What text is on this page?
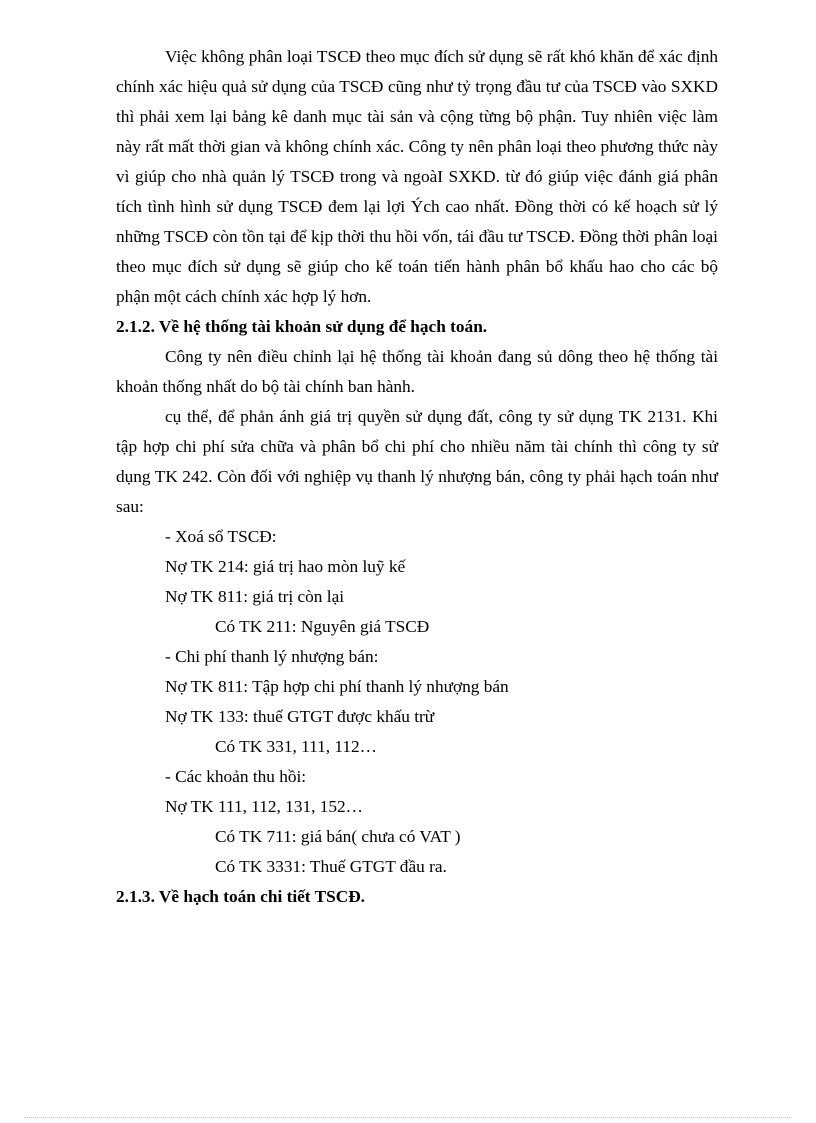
Việc không phân loại TSCĐ theo mục đích sử dụng sẽ rất khó khăn để xác định chính xác hiệu quả sử dụng của TSCĐ cũng như tỷ trọng đầu tư của TSCĐ vào SXKD thì phải xem lại bảng kê danh mục tài sản và cộng từng bộ phận. Tuy nhiên việc làm này rất mất thời gian và không chính xác. Công ty nên phân loại theo phương thức này vì giúp cho nhà quản lý TSCĐ trong và ngoàI SXKD. từ đó giúp việc đánh giá phân tích tình hình sử dụng TSCĐ đem lại lợi Ých cao nhất. Đồng thời có kế hoạch sử lý những TSCĐ còn tồn tại để kịp thời thu hồi vốn, tái đầu tư TSCĐ. Đồng thời phân loại theo mục đích sử dụng sẽ giúp cho kế toán tiến hành phân bổ khấu hao cho các bộ phận một cách chính xác hợp lý hơn.

2.1.2. Về hệ thống tài khoản sử dụng để hạch toán.

Công ty nên điều chỉnh lại hệ thống tài khoản đang sủ dông theo hệ thống tài khoản thống nhất do bộ tài chính ban hành.

cụ thể, để phản ánh giá trị quyền sử dụng đất, công ty sử dụng TK 2131. Khi tập hợp chi phí sửa chữa và phân bổ chi phí cho nhiều năm tài chính thì công ty sử dụng TK 242. Còn đối với nghiệp vụ thanh lý nhượng bán, công ty phải hạch toán như sau:

- Xoá sổ TSCĐ:

Nợ TK 214: giá trị hao mòn luỹ kế

Nợ TK 811: giá trị còn lại

Có TK 211: Nguyên giá TSCĐ

- Chi phí thanh lý nhượng bán:

Nợ TK 811: Tập hợp chi phí thanh lý nhượng bán

Nợ TK 133: thuế GTGT được khấu trừ

Có TK 331, 111, 112…

- Các khoản thu hồi:

Nợ TK 111, 112, 131, 152…

Có TK 711: giá bán( chưa có VAT )

Có TK 3331: Thuế GTGT đầu ra.

2.1.3. Về hạch toán chi tiết TSCĐ.
